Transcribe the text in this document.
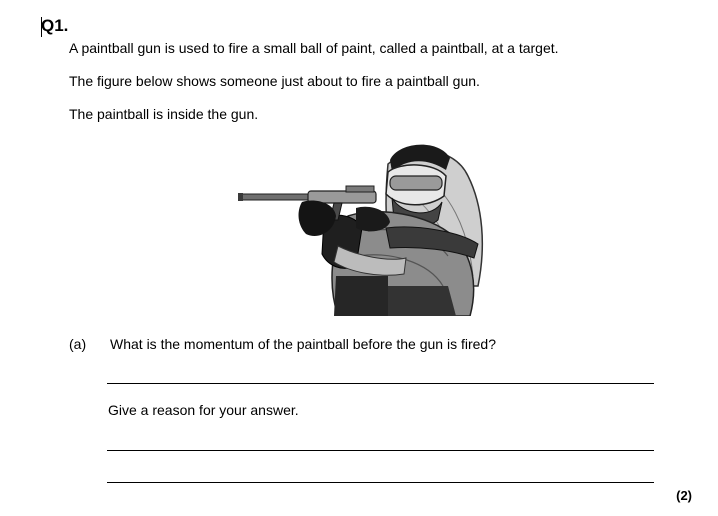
Q1.
A paintball gun is used to fire a small ball of paint, called a paintball, at a target.
The figure below shows someone just about to fire a paintball gun.
The paintball is inside the gun.
(a) What is the momentum of the paintball before the gun is fired?
Give a reason for your answer.
(2)
